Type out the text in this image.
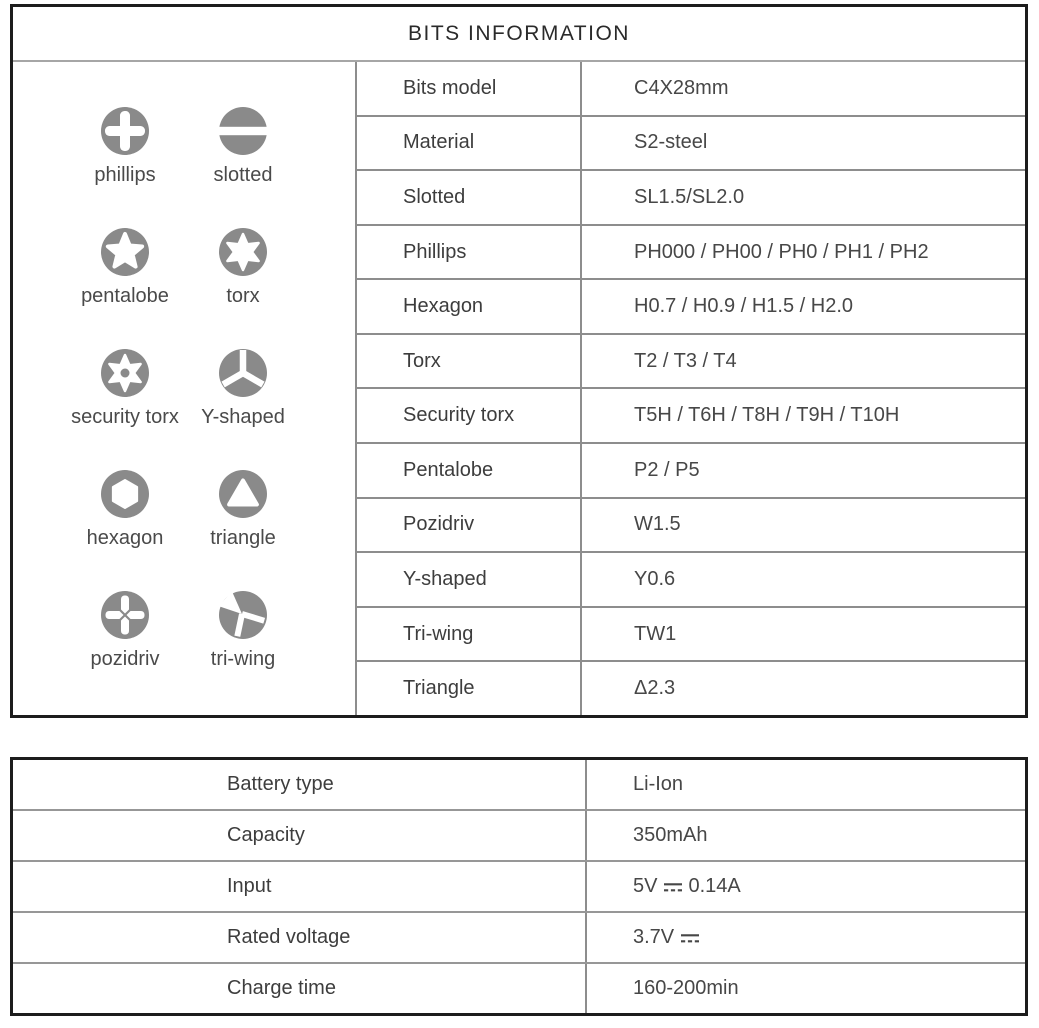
BITS INFORMATION
phillips	slotted
pentalobe	torx
security torx Y-shaped
hexagon triangle
pozidriv	tri-wing
Bits model	C4X28mm
Material	S2-steel
Slotted	SL1.5/SL2.0
Phillips	PH000 / PH00 / PH0 / PH1 / PH2
Hexagon	H0.7 / H0.9 / H1.5 / H2.0
Torx	T2 / T3 / T4
Security torx	T5H / T6H / T8H / T9H / T10H
Pentalobe	P2 / P5
Pozidriv	W1.5
Y-shaped	Y0.6
Tri-wing	TW1
Triangle	Δ2.3
Battery type	Li-Ion
Capacity	350mAh
Input	5V 0.14A
Rated voltage	3.7V
Charge time	160-200min
